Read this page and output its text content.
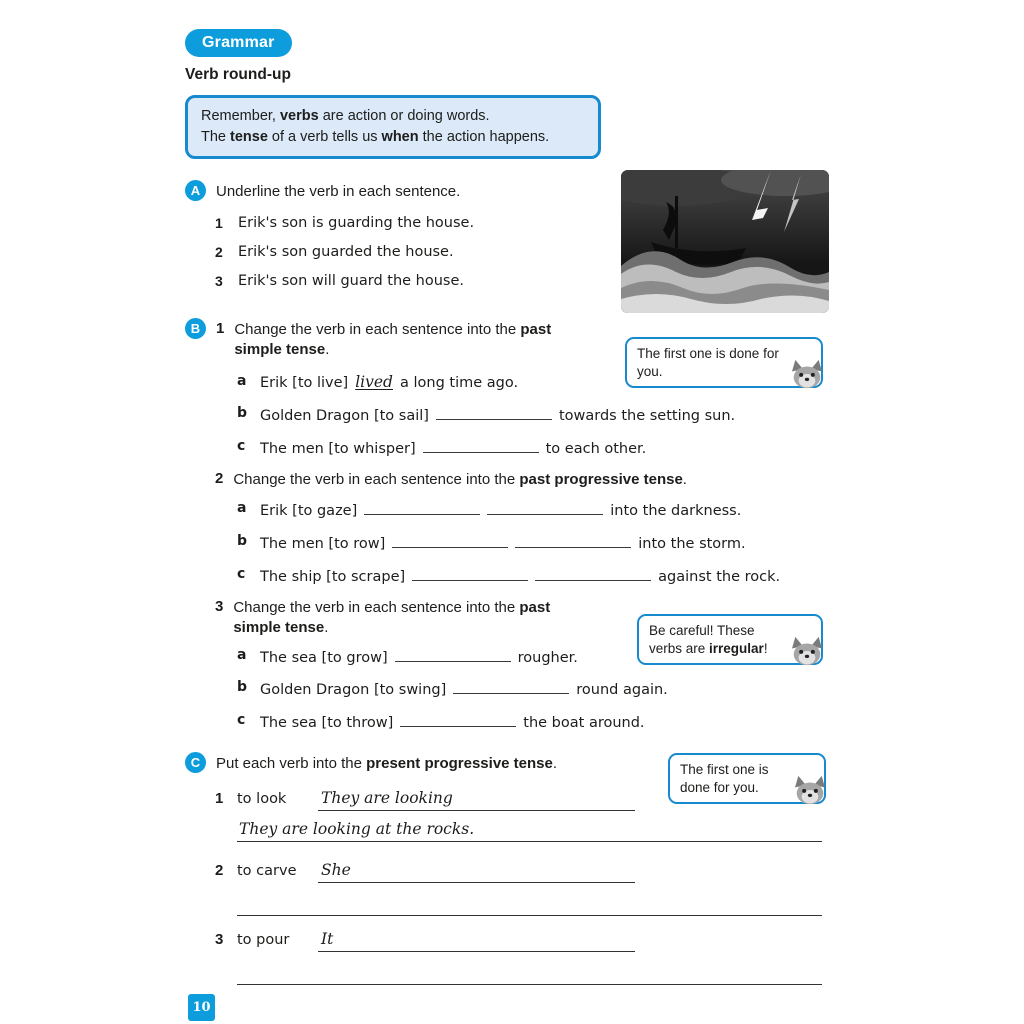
Grammar
Verb round-up
Remember, verbs are action or doing words.
The tense of a verb tells us when the action happens.
A	Underline the verb in each sentence.
1	Erik's son is guarding the house.
2	Erik's son guarded the house.
3	Erik's son will guard the house.
B	1 Change the verb in each sentence into the past simple tense.	The first one is done for you.
a Erik [to live] lived a long time ago.
b Golden Dragon [to sail]	towards the setting sun.
c	The men [to whisper]	to each other.
2 Change the verb in each sentence into the past progressive tense.
a Erik [to gaze]	into the darkness.
b The men [to row]	into the storm.
c	The ship [to scrape]	against the rock.
3 Change the verb in each sentence into the past simple tense.	Be careful! These verbs are irregular!
a The sea [to grow]	rougher.
b Golden Dragon [to swing]	round again.
c	The sea [to throw]	the boat around.
C	Put each verb into the present progressive tense.	The first one is done for you.
1 to look	They are looking
They are looking at the rocks.
2 to carve	She
3 to pour	It
10
